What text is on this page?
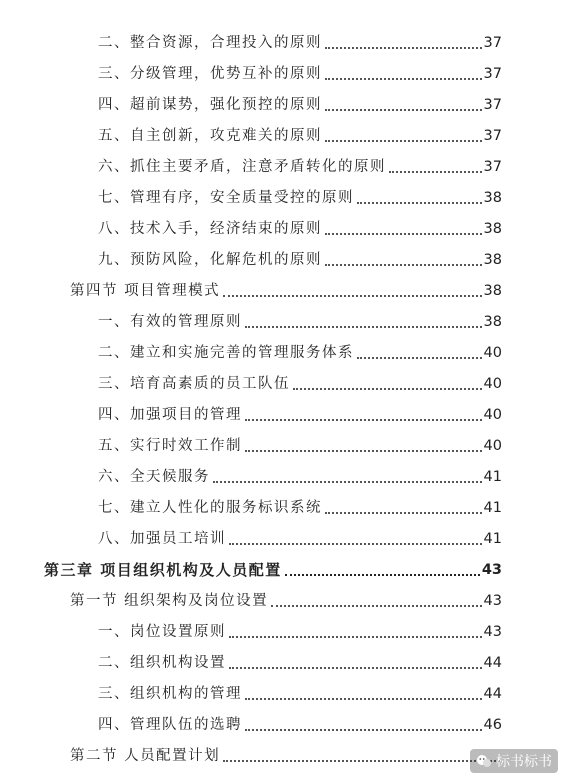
二、整合资源，合理投入的原则	37
三、分级管理，优势互补的原则	37
四、超前谋势，强化预控的原则	37
五、自主创新，攻克难关的原则	37
六、抓住主要矛盾，注意矛盾转化的原则	37
七、管理有序，安全质量受控的原则	38
八、技术入手，经济结束的原则	38
九、预防风险，化解危机的原则	38
第四节 项目管理模式	38
一、有效的管理原则	38
二、建立和实施完善的管理服务体系	40
三、培育高素质的员工队伍	40
四、加强项目的管理	40
五、实行时效工作制	40
六、全天候服务	41
七、建立人性化的服务标识系统	41
八、加强员工培训	41
第三章 项目组织机构及人员配置	43
第一节 组织架构及岗位设置	43
一、岗位设置原则	43
二、组织机构设置	44
三、组织机构的管理	44
四、管理队伍的选聘	46
第二节 人员配置计划	标书标书
